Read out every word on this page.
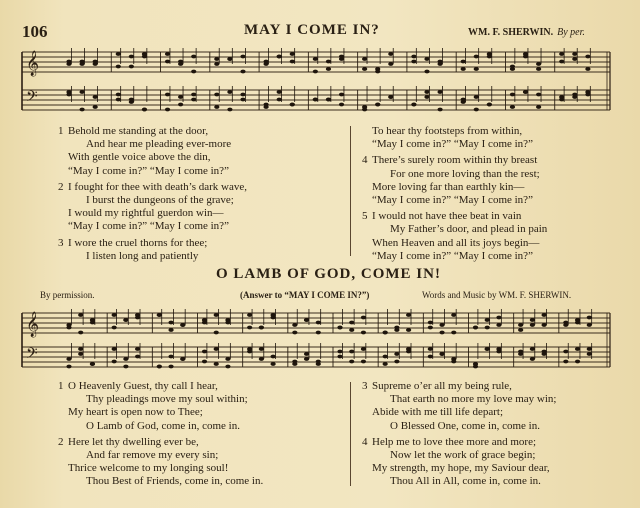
106	MAY I COME IN?	WM. F. SHERWIN. By per.
𝄞
𝄢
𝄞
𝄢
1 Behold me standing at the door,
And hear me pleading ever-more
With gentle voice above the din,
“May I come in?” “May I come in?”
2 I fought for thee with death’s dark wave,
I burst the dungeons of the grave;
I would my rightful guerdon win—
“May I come in?” “May I come in?”
3 I wore the cruel thorns for thee;
I listen long and patiently
To hear thy footsteps from within,
“May I come in?” “May I come in?”
4 There’s surely room within thy breast
For one more loving than the rest;
More loving far than earthly kin—
“May I come in?” “May I come in?”
5 I would not have thee beat in vain
My Father’s door, and plead in pain
When Heaven and all its joys begin—
“May I come in?” “May I come in?”
O LAMB OF GOD, COME IN!
By permission.	(Answer to “MAY I COME IN?”)	Words and Music by WM. F. SHERWIN.
1 O Heavenly Guest, thy call I hear,
Thy pleadings move my soul within;
My heart is open now to Thee;
O Lamb of God, come in, come in.
2 Here let thy dwelling ever be,
And far remove my every sin;
Thrice welcome to my longing soul!
Thou Best of Friends, come in, come in.
3 Supreme o’er all my being rule,
That earth no more my love may win;
Abide with me till life depart;
O Blessed One, come in, come in.
4 Help me to love thee more and more;
Now let the work of grace begin;
My strength, my hope, my Saviour dear,
Thou All in All, come in, come in.
